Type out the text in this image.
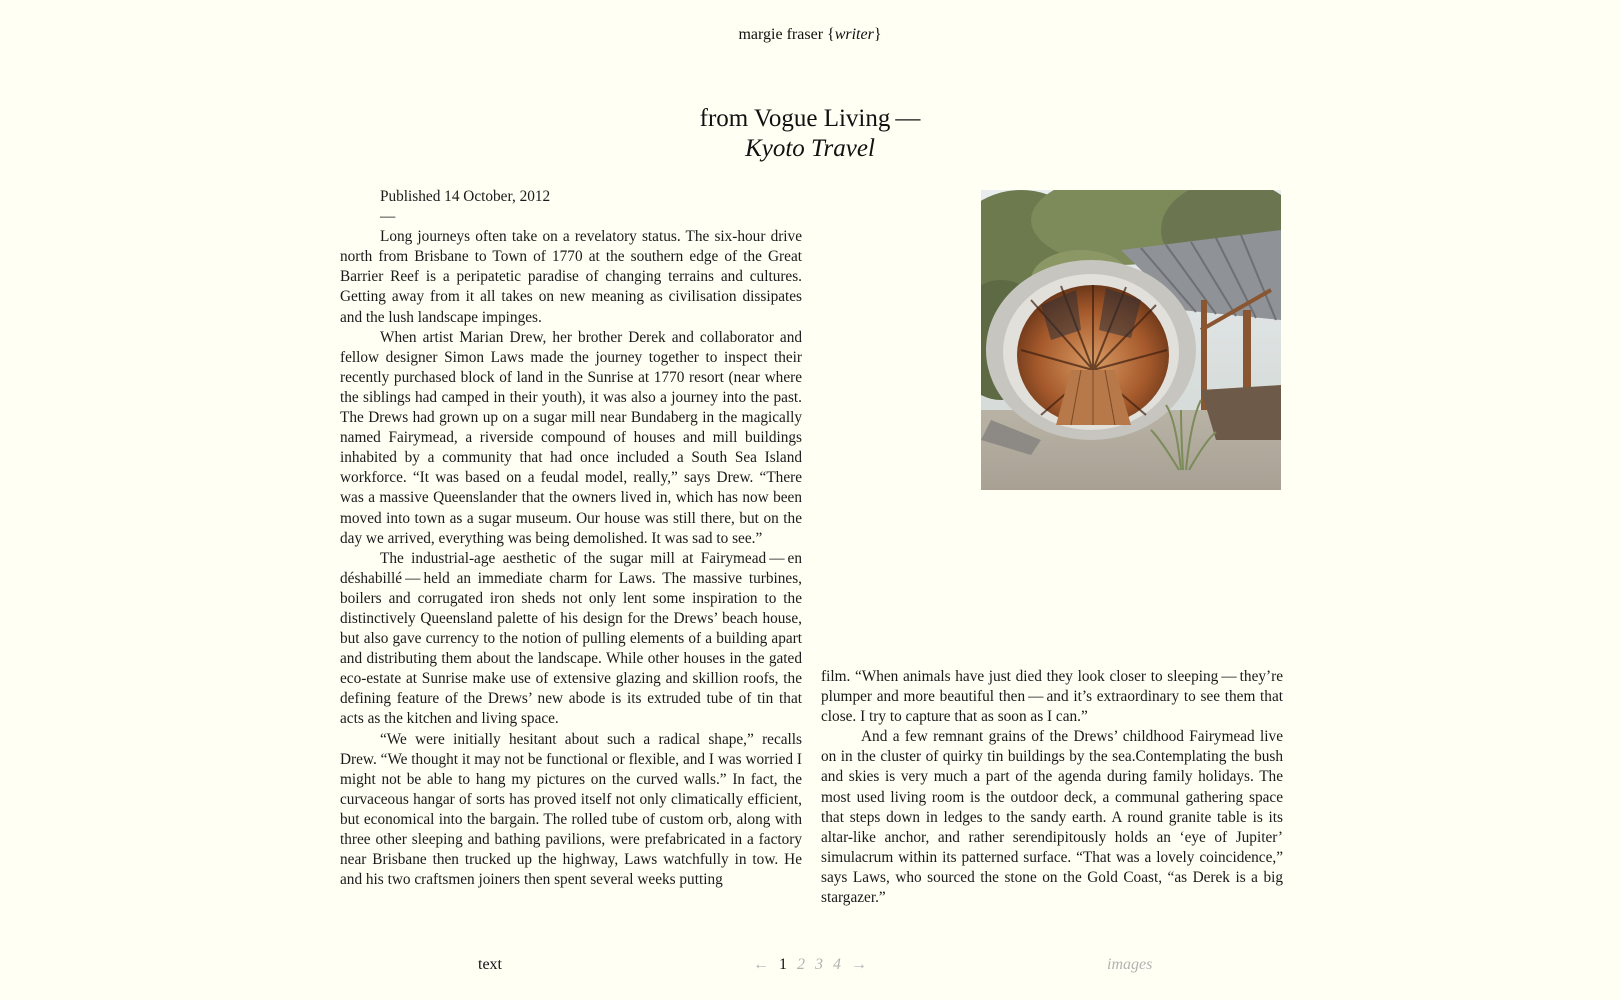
margie fraser {writer}
from Vogue Living —
Kyoto Travel
Published 14 October, 2012
—

Long journeys often take on a revelatory status. The six-hour drive north from Brisbane to Town of 1770 at the southern edge of the Great Barrier Reef is a peripatetic paradise of changing terrains and cultures. Getting away from it all takes on new meaning as civilisation dissipates and the lush landscape impinges.

When artist Marian Drew, her brother Derek and collaborator and fellow designer Simon Laws made the journey together to inspect their recently purchased block of land in the Sunrise at 1770 resort (near where the siblings had camped in their youth), it was also a journey into the past. The Drews had grown up on a sugar mill near Bundaberg in the magically named Fairymead, a riverside compound of houses and mill buildings inhabited by a community that had once included a South Sea Island workforce. “It was based on a feudal model, really,” says Drew. “There was a massive Queenslander that the owners lived in, which has now been moved into town as a sugar museum. Our house was still there, but on the day we arrived, everything was being demolished. It was sad to see.”

The industrial-age aesthetic of the sugar mill at Fairymead — en déshabillé — held an immediate charm for Laws. The massive turbines, boilers and corrugated iron sheds not only lent some inspiration to the distinctively Queensland palette of his design for the Drews’ beach house, but also gave currency to the notion of pulling elements of a building apart and distributing them about the landscape. While other houses in the gated eco-estate at Sunrise make use of extensive glazing and skillion roofs, the defining feature of the Drews’ new abode is its extruded tube of tin that acts as the kitchen and living space.

“We were initially hesitant about such a radical shape,” recalls Drew. “We thought it may not be functional or flexible, and I was worried I might not be able to hang my pictures on the curved walls.” In fact, the curvaceous hangar of sorts has proved itself not only climatically efficient, but economical into the bargain. The rolled tube of custom orb, along with three other sleeping and bathing pavilions, were prefabricated in a factory near Brisbane then trucked up the highway, Laws watchfully in tow. He and his two craftsmen joiners then spent several weeks putting

film. “When animals have just died they look closer to sleeping — they’re plumper and more beautiful then — and it’s extraordinary to see them that close. I try to capture that as soon as I can.”

And a few remnant grains of the Drews’ childhood Fairymead live on in the cluster of quirky tin buildings by the sea.Contemplating the bush and skies is very much a part of the agenda during family holidays. The most used living room is the outdoor deck, a communal gathering space that steps down in ledges to the sandy earth. A round granite table is its altar-like anchor, and rather serendipitously holds an ‘eye of Jupiter’ simulacrum within its patterned surface. “That was a lovely coincidence,” says Laws, who sourced the stone on the Gold Coast, “as Derek is a big stargazer.”

text	← 1 2 3 4 →	images
